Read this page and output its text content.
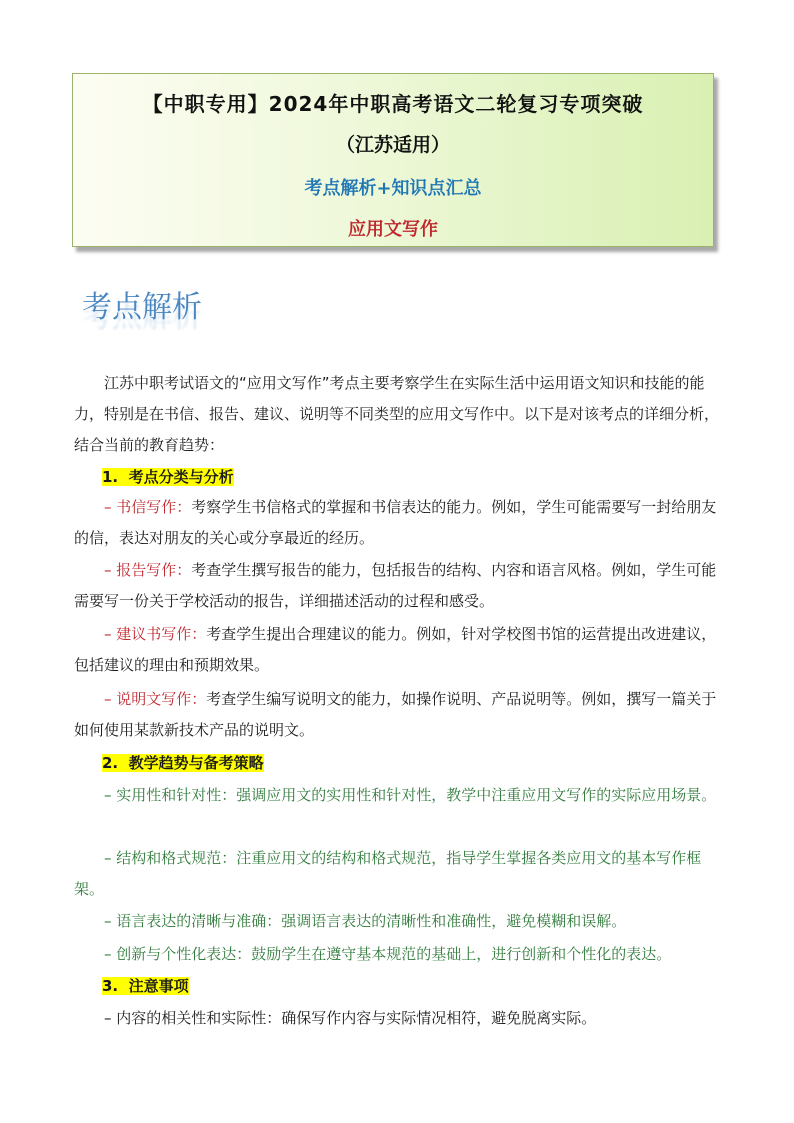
【中职专用】2024年中职高考语文二轮复习专项突破
（江苏适用）
考点解析+知识点汇总
应用文写作
考点解析
江苏中职考试语文的“应用文写作”考点主要考察学生在实际生活中运用语文知识和技能的能力，特别是在书信、报告、建议、说明等不同类型的应用文写作中。以下是对该考点的详细分析，结合当前的教育趋势：
1. 考点分类与分析
– 书信写作：考察学生书信格式的掌握和书信表达的能力。例如，学生可能需要写一封给朋友的信，表达对朋友的关心或分享最近的经历。
– 报告写作：考查学生撰写报告的能力，包括报告的结构、内容和语言风格。例如，学生可能需要写一份关于学校活动的报告，详细描述活动的过程和感受。
– 建议书写作：考查学生提出合理建议的能力。例如，针对学校图书馆的运营提出改进建议，包括建议的理由和预期效果。
– 说明文写作：考查学生编写说明文的能力，如操作说明、产品说明等。例如，撰写一篇关于如何使用某款新技术产品的说明文。
2. 教学趋势与备考策略
– 实用性和针对性：强调应用文的实用性和针对性，教学中注重应用文写作的实际应用场景。
– 结构和格式规范：注重应用文的结构和格式规范，指导学生掌握各类应用文的基本写作框架。
– 语言表达的清晰与准确：强调语言表达的清晰性和准确性，避免模糊和误解。
– 创新与个性化表达：鼓励学生在遵守基本规范的基础上，进行创新和个性化的表达。
3. 注意事项
– 内容的相关性和实际性：确保写作内容与实际情况相符，避免脱离实际。
